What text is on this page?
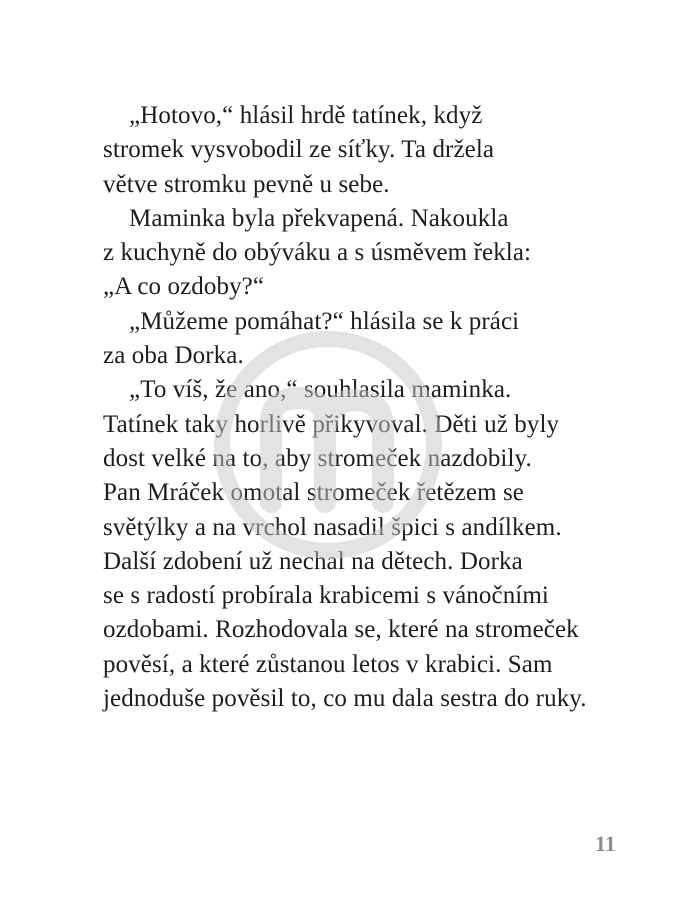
„Hotovo,“ hlásil hrdě tatínek, když
stromek vysvobodil ze síťky. Ta držela
větve stromku pevně u sebe.
Maminka byla překvapená. Nakoukla
z kuchyně do obýváku a s úsměvem řekla:
„A co ozdoby?“
„Můžeme pomáhat?“ hlásila se k práci
za oba Dorka.
„To víš, že ano,“ souhlasila maminka.
Tatínek taky horlivě přikyvoval. Děti už byly
dost velké na to, aby stromeček nazdobily.
Pan Mráček omotal stromeček řetězem se
světýlky a na vrchol nasadil špici s andílkem.
Další zdobení už nechal na dětech. Dorka
se s radostí probírala krabicemi s vánočními
ozdobami. Rozhodovala se, které na stromeček
pověsí, a které zůstanou letos v krabici. Sam
jednoduše pověsil to, co mu dala sestra do ruky.
11
